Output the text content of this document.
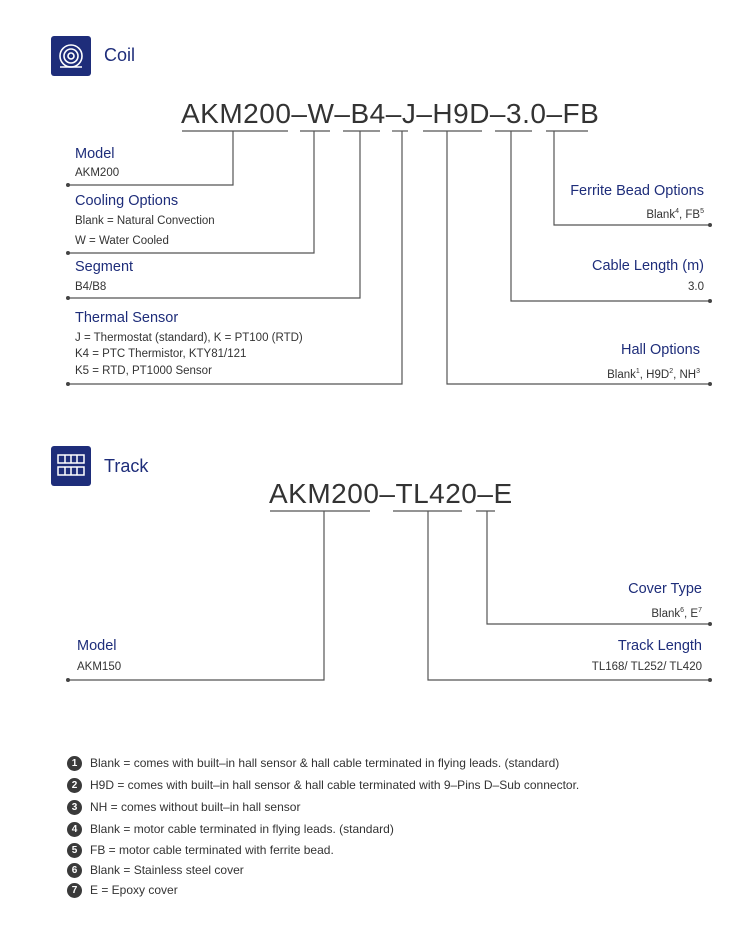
Coil
AKM200–W–B4–J–H9D–3.0–FB
Model
AKM200
Cooling Options
Blank = Natural Convection
W = Water Cooled
Segment
B4/B8
Thermal Sensor
J = Thermostat (standard), K = PT100 (RTD)
K4 = PTC Thermistor, KTY81/121
K5 = RTD, PT1000 Sensor
Ferrite Bead Options
Blank$^4$, $FB^5$
Cable Length (m)
3.0
Hall Options
Blank$^1$, $H9D^2$, $NH^3$
Track
AKM200–TL420–E
Model
AKM150
Cover Type
Blank$^6$, $E^7$
Track Length
TL168/ TL252/ TL420
1	Blank = comes with built–in hall sensor & hall cable terminated in flying leads. (standard)
2	H9D = comes with built–in hall sensor & hall cable terminated with 9–Pins D–Sub connector.
3	NH = comes without built–in hall sensor
4	Blank = motor cable terminated in flying leads. (standard)
5	FB = motor cable terminated with ferrite bead.
6	Blank = Stainless steel cover
7	E = Epoxy cover
